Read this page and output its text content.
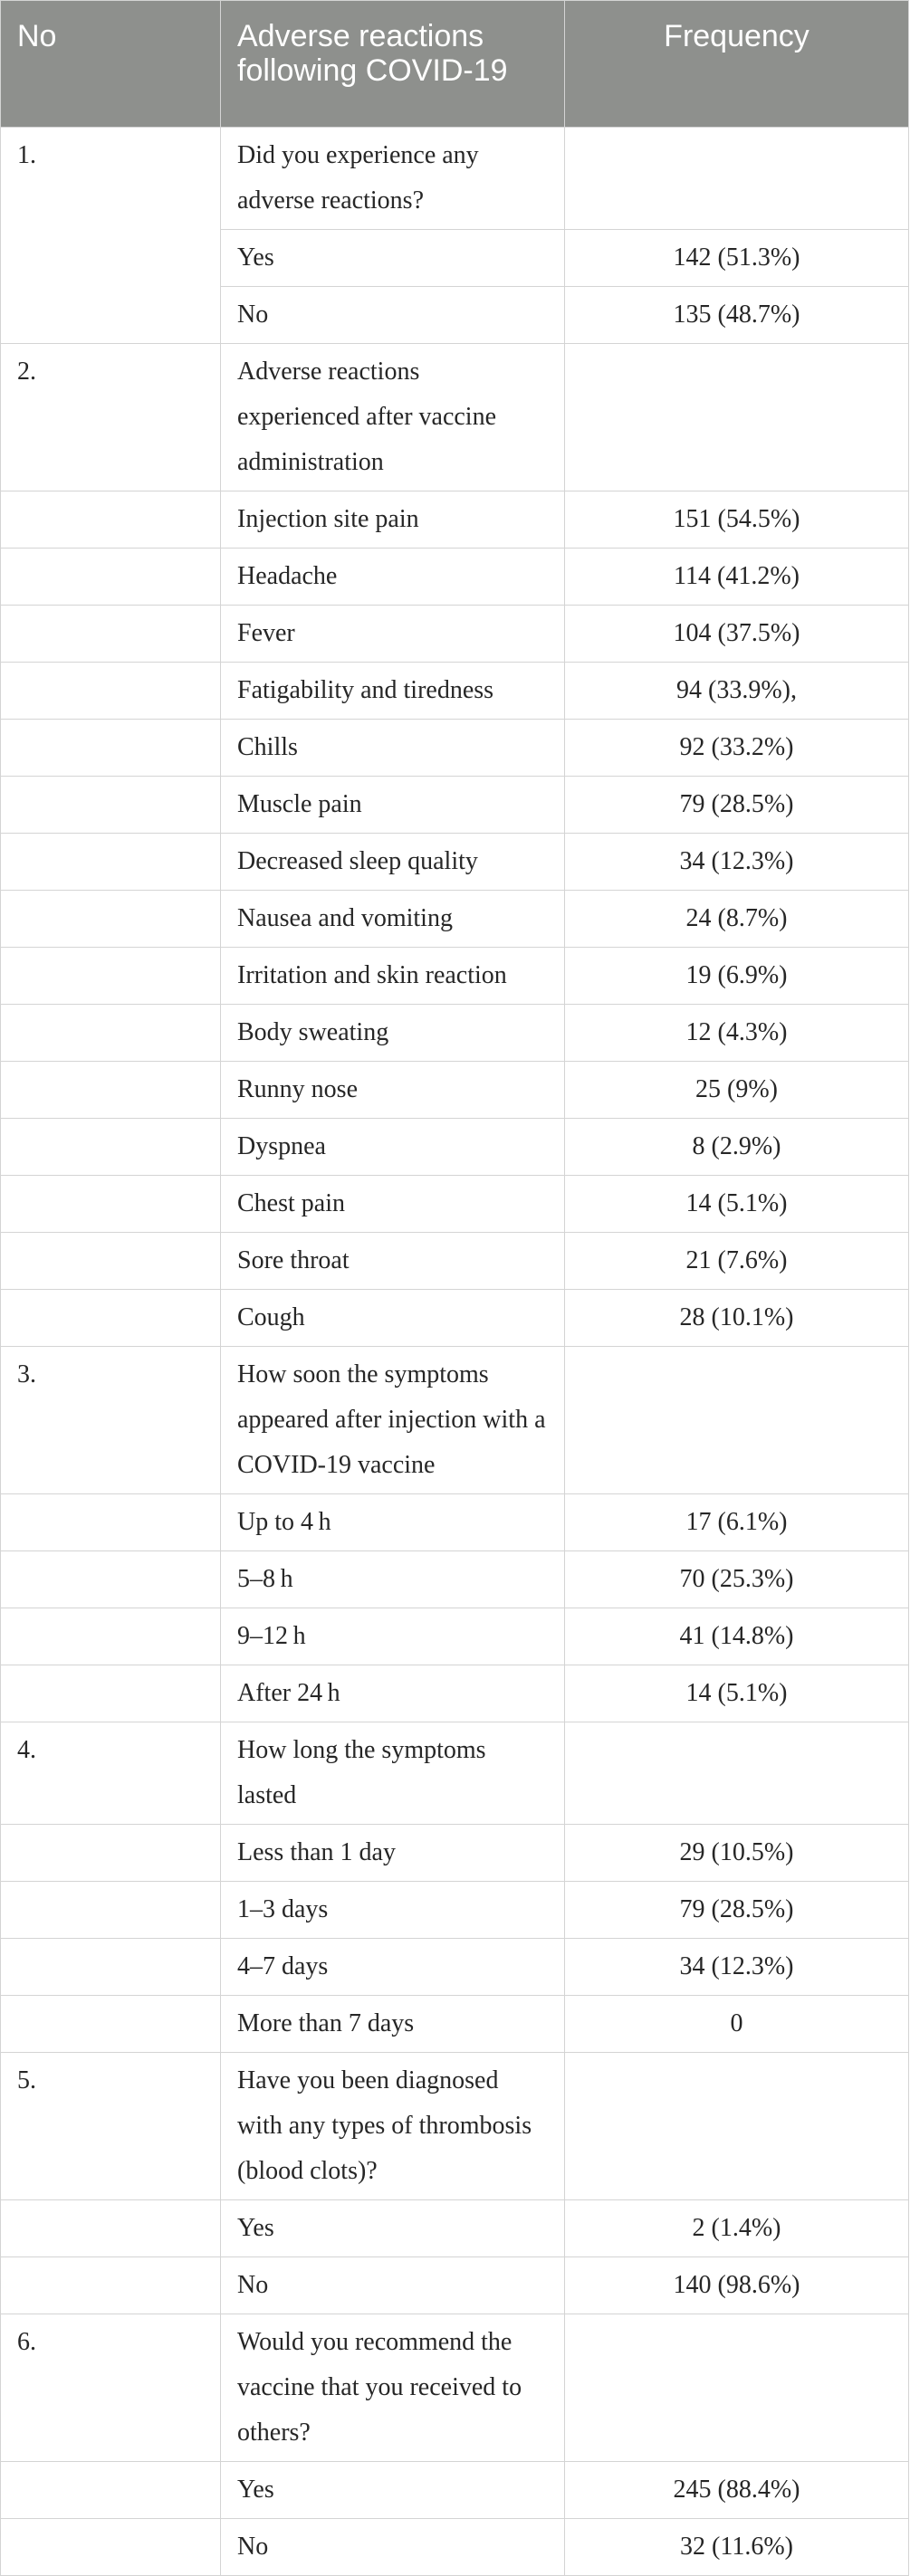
No	Adverse reactions following COVID-19	Frequency
1.	Did you experience any adverse reactions?	
	Yes	142 (51.3%)
	No	135 (48.7%)
2.	Adverse reactions experienced after vaccine administration	
	Injection site pain	151 (54.5%)
	Headache	114 (41.2%)
	Fever	104 (37.5%)
	Fatigability and tiredness	94 (33.9%),
	Chills	92 (33.2%)
	Muscle pain	79 (28.5%)
	Decreased sleep quality	34 (12.3%)
	Nausea and vomiting	24 (8.7%)
	Irritation and skin reaction	19 (6.9%)
	Body sweating	12 (4.3%)
	Runny nose	25 (9%)
	Dyspnea	8 (2.9%)
	Chest pain	14 (5.1%)
	Sore throat	21 (7.6%)
	Cough	28 (10.1%)
3.	How soon the symptoms appeared after injection with a COVID-19 vaccine	
	Up to 4 h	17 (6.1%)
	5–8 h	70 (25.3%)
	9–12 h	41 (14.8%)
	After 24 h	14 (5.1%)
4.	How long the symptoms lasted	
	Less than 1 day	29 (10.5%)
	1–3 days	79 (28.5%)
	4–7 days	34 (12.3%)
	More than 7 days	0
5.	Have you been diagnosed with any types of thrombosis (blood clots)?	
	Yes	2 (1.4%)
	No	140 (98.6%)
6.	Would you recommend the vaccine that you received to others?	
	Yes	245 (88.4%)
	No	32 (11.6%)
